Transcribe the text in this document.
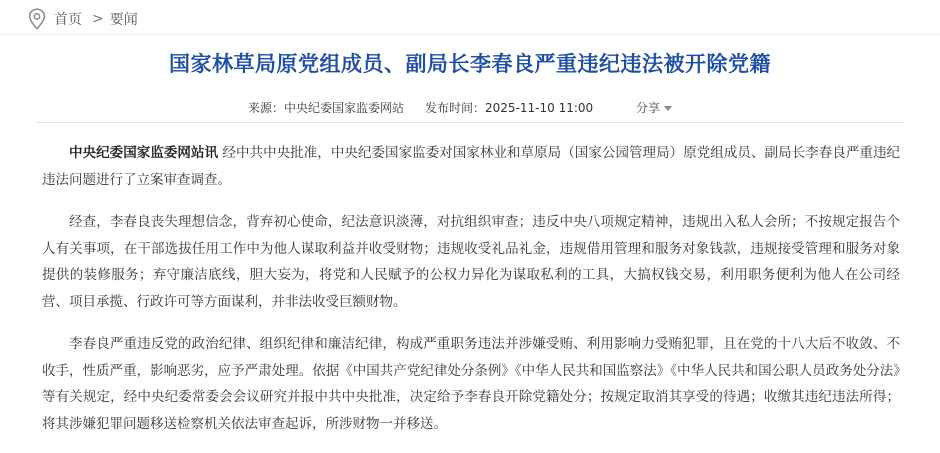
首页 > 要闻
国家林草局原党组成员、副局长李春良严重违纪违法被开除党籍
来源：中央纪委国家监委网站 发布时间：2025-11-10 11:00	分享

中央纪委国家监委网站讯 经中共中央批准，中央纪委国家监委对国家林业和草原局（国家公园管理局）原党组成员、副局长李春良严重违纪违法问题进行了立案审查调查。

经查，李春良丧失理想信念，背弃初心使命，纪法意识淡薄，对抗组织审查；违反中央八项规定精神，违规出入私人会所；不按规定报告个人有关事项，在干部选拔任用工作中为他人谋取利益并收受财物；违规收受礼品礼金，违规借用管理和服务对象钱款，违规接受管理和服务对象提供的装修服务；弃守廉洁底线，胆大妄为，将党和人民赋予的公权力异化为谋取私利的工具，大搞权钱交易，利用职务便利为他人在公司经营、项目承揽、行政许可等方面谋利，并非法收受巨额财物。

李春良严重违反党的政治纪律、组织纪律和廉洁纪律，构成严重职务违法并涉嫌受贿、利用影响力受贿犯罪，且在党的十八大后不收敛、不收手，性质严重，影响恶劣，应予严肃处理。依据《中国共产党纪律处分条例》《中华人民共和国监察法》《中华人民共和国公职人员政务处分法》等有关规定，经中央纪委常委会会议研究并报中共中央批准，决定给予李春良开除党籍处分；按规定取消其享受的待遇；收缴其违纪违法所得；将其涉嫌犯罪问题移送检察机关依法审查起诉，所涉财物一并移送。
